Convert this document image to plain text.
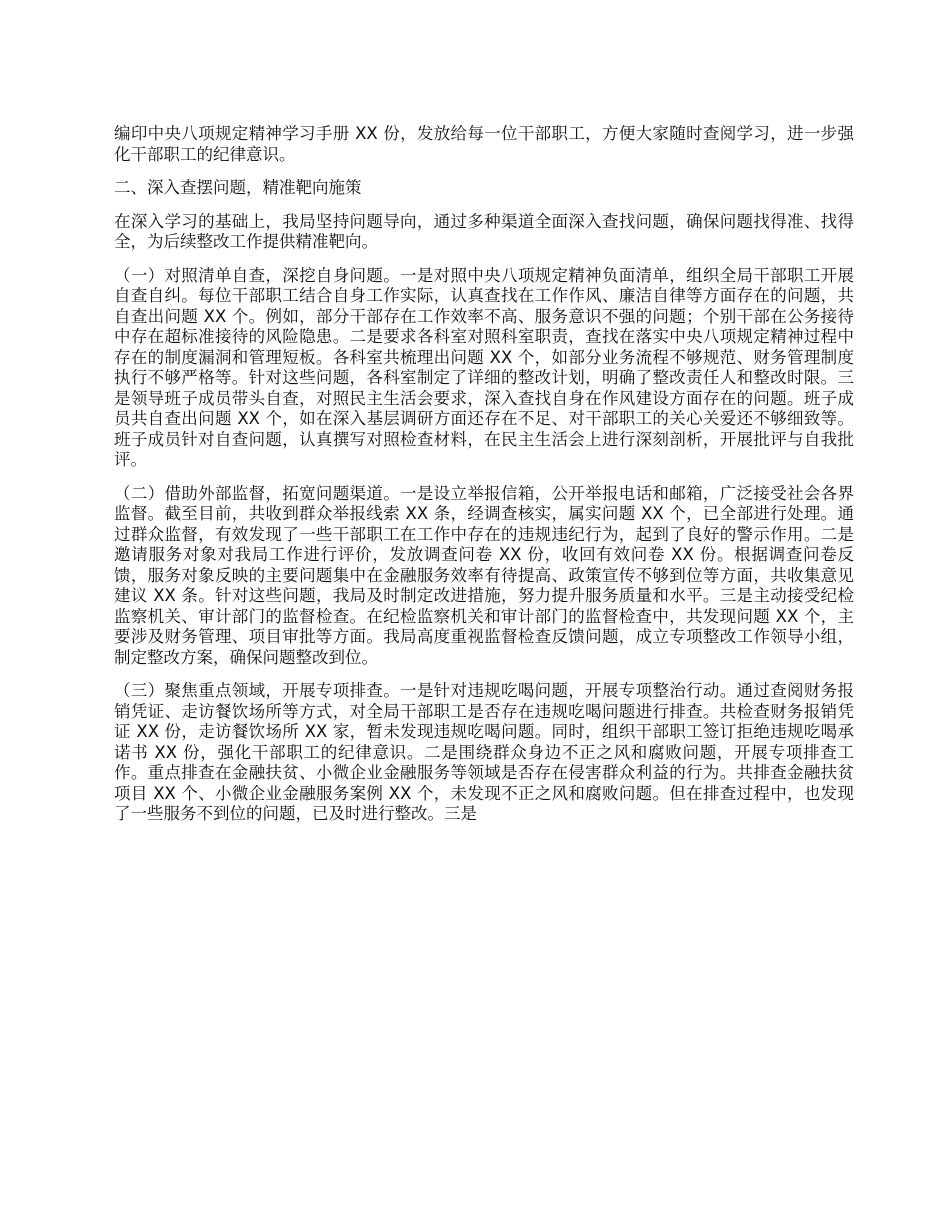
编印中央八项规定精神学习手册 XX 份，发放给每一位干部职工，方便大家随时查阅学习，进一步强化干部职工的纪律意识。

二、深入查摆问题，精准靶向施策

在深入学习的基础上，我局坚持问题导向，通过多种渠道全面深入查找问题，确保问题找得准、找得全，为后续整改工作提供精准靶向。

（一）对照清单自查，深挖自身问题。一是对照中央八项规定精神负面清单，组织全局干部职工开展自查自纠。每位干部职工结合自身工作实际，认真查找在工作作风、廉洁自律等方面存在的问题，共自查出问题 XX 个。例如，部分干部存在工作效率不高、服务意识不强的问题；个别干部在公务接待中存在超标准接待的风险隐患。二是要求各科室对照科室职责，查找在落实中央八项规定精神过程中存在的制度漏洞和管理短板。各科室共梳理出问题 XX 个，如部分业务流程不够规范、财务管理制度执行不够严格等。针对这些问题，各科室制定了详细的整改计划，明确了整改责任人和整改时限。三是领导班子成员带头自查，对照民主生活会要求，深入查找自身在作风建设方面存在的问题。班子成员共自查出问题 XX 个，如在深入基层调研方面还存在不足、对干部职工的关心关爱还不够细致等。班子成员针对自查问题，认真撰写对照检查材料，在民主生活会上进行深刻剖析，开展批评与自我批评。

（二）借助外部监督，拓宽问题渠道。一是设立举报信箱，公开举报电话和邮箱，广泛接受社会各界监督。截至目前，共收到群众举报线索 XX 条，经调查核实，属实问题 XX 个，已全部进行处理。通过群众监督，有效发现了一些干部职工在工作中存在的违规违纪行为，起到了良好的警示作用。二是邀请服务对象对我局工作进行评价，发放调查问卷 XX 份，收回有效问卷 XX 份。根据调查问卷反馈，服务对象反映的主要问题集中在金融服务效率有待提高、政策宣传不够到位等方面，共收集意见建议 XX 条。针对这些问题，我局及时制定改进措施，努力提升服务质量和水平。三是主动接受纪检监察机关、审计部门的监督检查。在纪检监察机关和审计部门的监督检查中，共发现问题 XX 个，主要涉及财务管理、项目审批等方面。我局高度重视监督检查反馈问题，成立专项整改工作领导小组，制定整改方案，确保问题整改到位。

（三）聚焦重点领域，开展专项排查。一是针对违规吃喝问题，开展专项整治行动。通过查阅财务报销凭证、走访餐饮场所等方式，对全局干部职工是否存在违规吃喝问题进行排查。共检查财务报销凭证 XX 份，走访餐饮场所 XX 家，暂未发现违规吃喝问题。同时，组织干部职工签订拒绝违规吃喝承诺书 XX 份，强化干部职工的纪律意识。二是围绕群众身边不正之风和腐败问题，开展专项排查工作。重点排查在金融扶贫、小微企业金融服务等领域是否存在侵害群众利益的行为。共排查金融扶贫项目 XX 个、小微企业金融服务案例 XX 个，未发现不正之风和腐败问题。但在排查过程中，也发现了一些服务不到位的问题，已及时进行整改。三是
